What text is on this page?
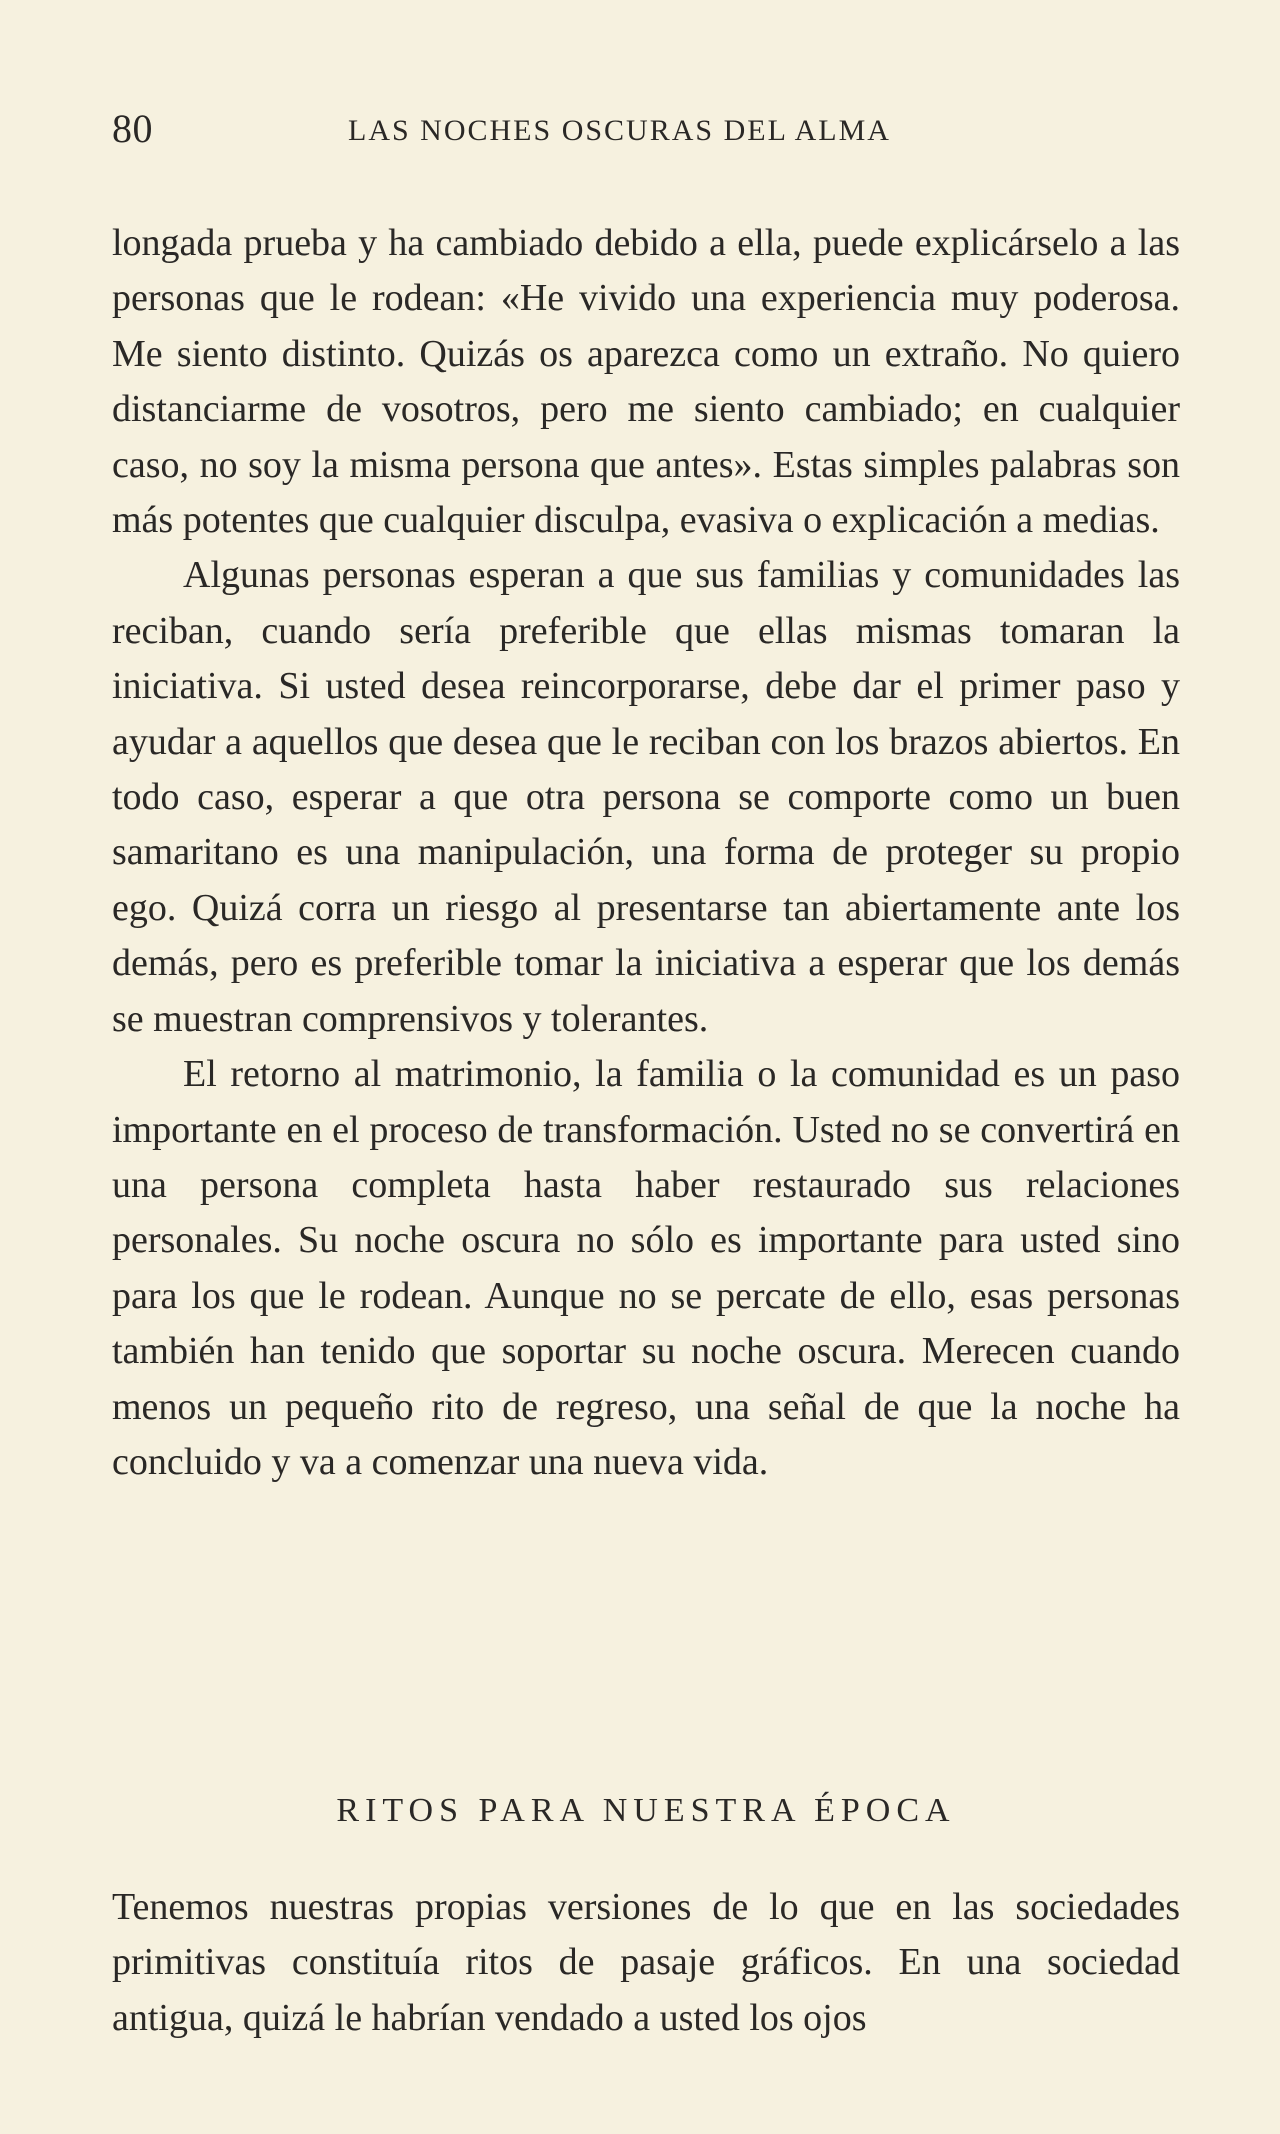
80	LAS NOCHES OSCURAS DEL ALMA

longada prueba y ha cambiado debido a ella, puede explicárselo a las personas que le rodean: «He vivido una experiencia muy poderosa. Me siento distinto. Quizás os aparezca como un extraño. No quiero distanciarme de vosotros, pero me siento cambiado; en cualquier caso, no soy la misma persona que antes». Estas simples palabras son más potentes que cualquier disculpa, evasiva o explicación a medias.

Algunas personas esperan a que sus familias y comunidades las reciban, cuando sería preferible que ellas mismas tomaran la iniciativa. Si usted desea reincorporarse, debe dar el primer paso y ayudar a aquellos que desea que le reciban con los brazos abiertos. En todo caso, esperar a que otra persona se comporte como un buen samaritano es una manipulación, una forma de proteger su propio ego. Quizá corra un riesgo al presentarse tan abiertamente ante los demás, pero es preferible tomar la iniciativa a esperar que los demás se muestran comprensivos y tolerantes.

El retorno al matrimonio, la familia o la comunidad es un paso importante en el proceso de transformación. Usted no se convertirá en una persona completa hasta haber restaurado sus relaciones personales. Su noche oscura no sólo es importante para usted sino para los que le rodean. Aunque no se percate de ello, esas personas también han tenido que soportar su noche oscura. Merecen cuando menos un pequeño rito de regreso, una señal de que la noche ha concluido y va a comenzar una nueva vida.

RITOS PARA NUESTRA ÉPOCA

Tenemos nuestras propias versiones de lo que en las sociedades primitivas constituía ritos de pasaje gráficos. En una sociedad antigua, quizá le habrían vendado a usted los ojos
